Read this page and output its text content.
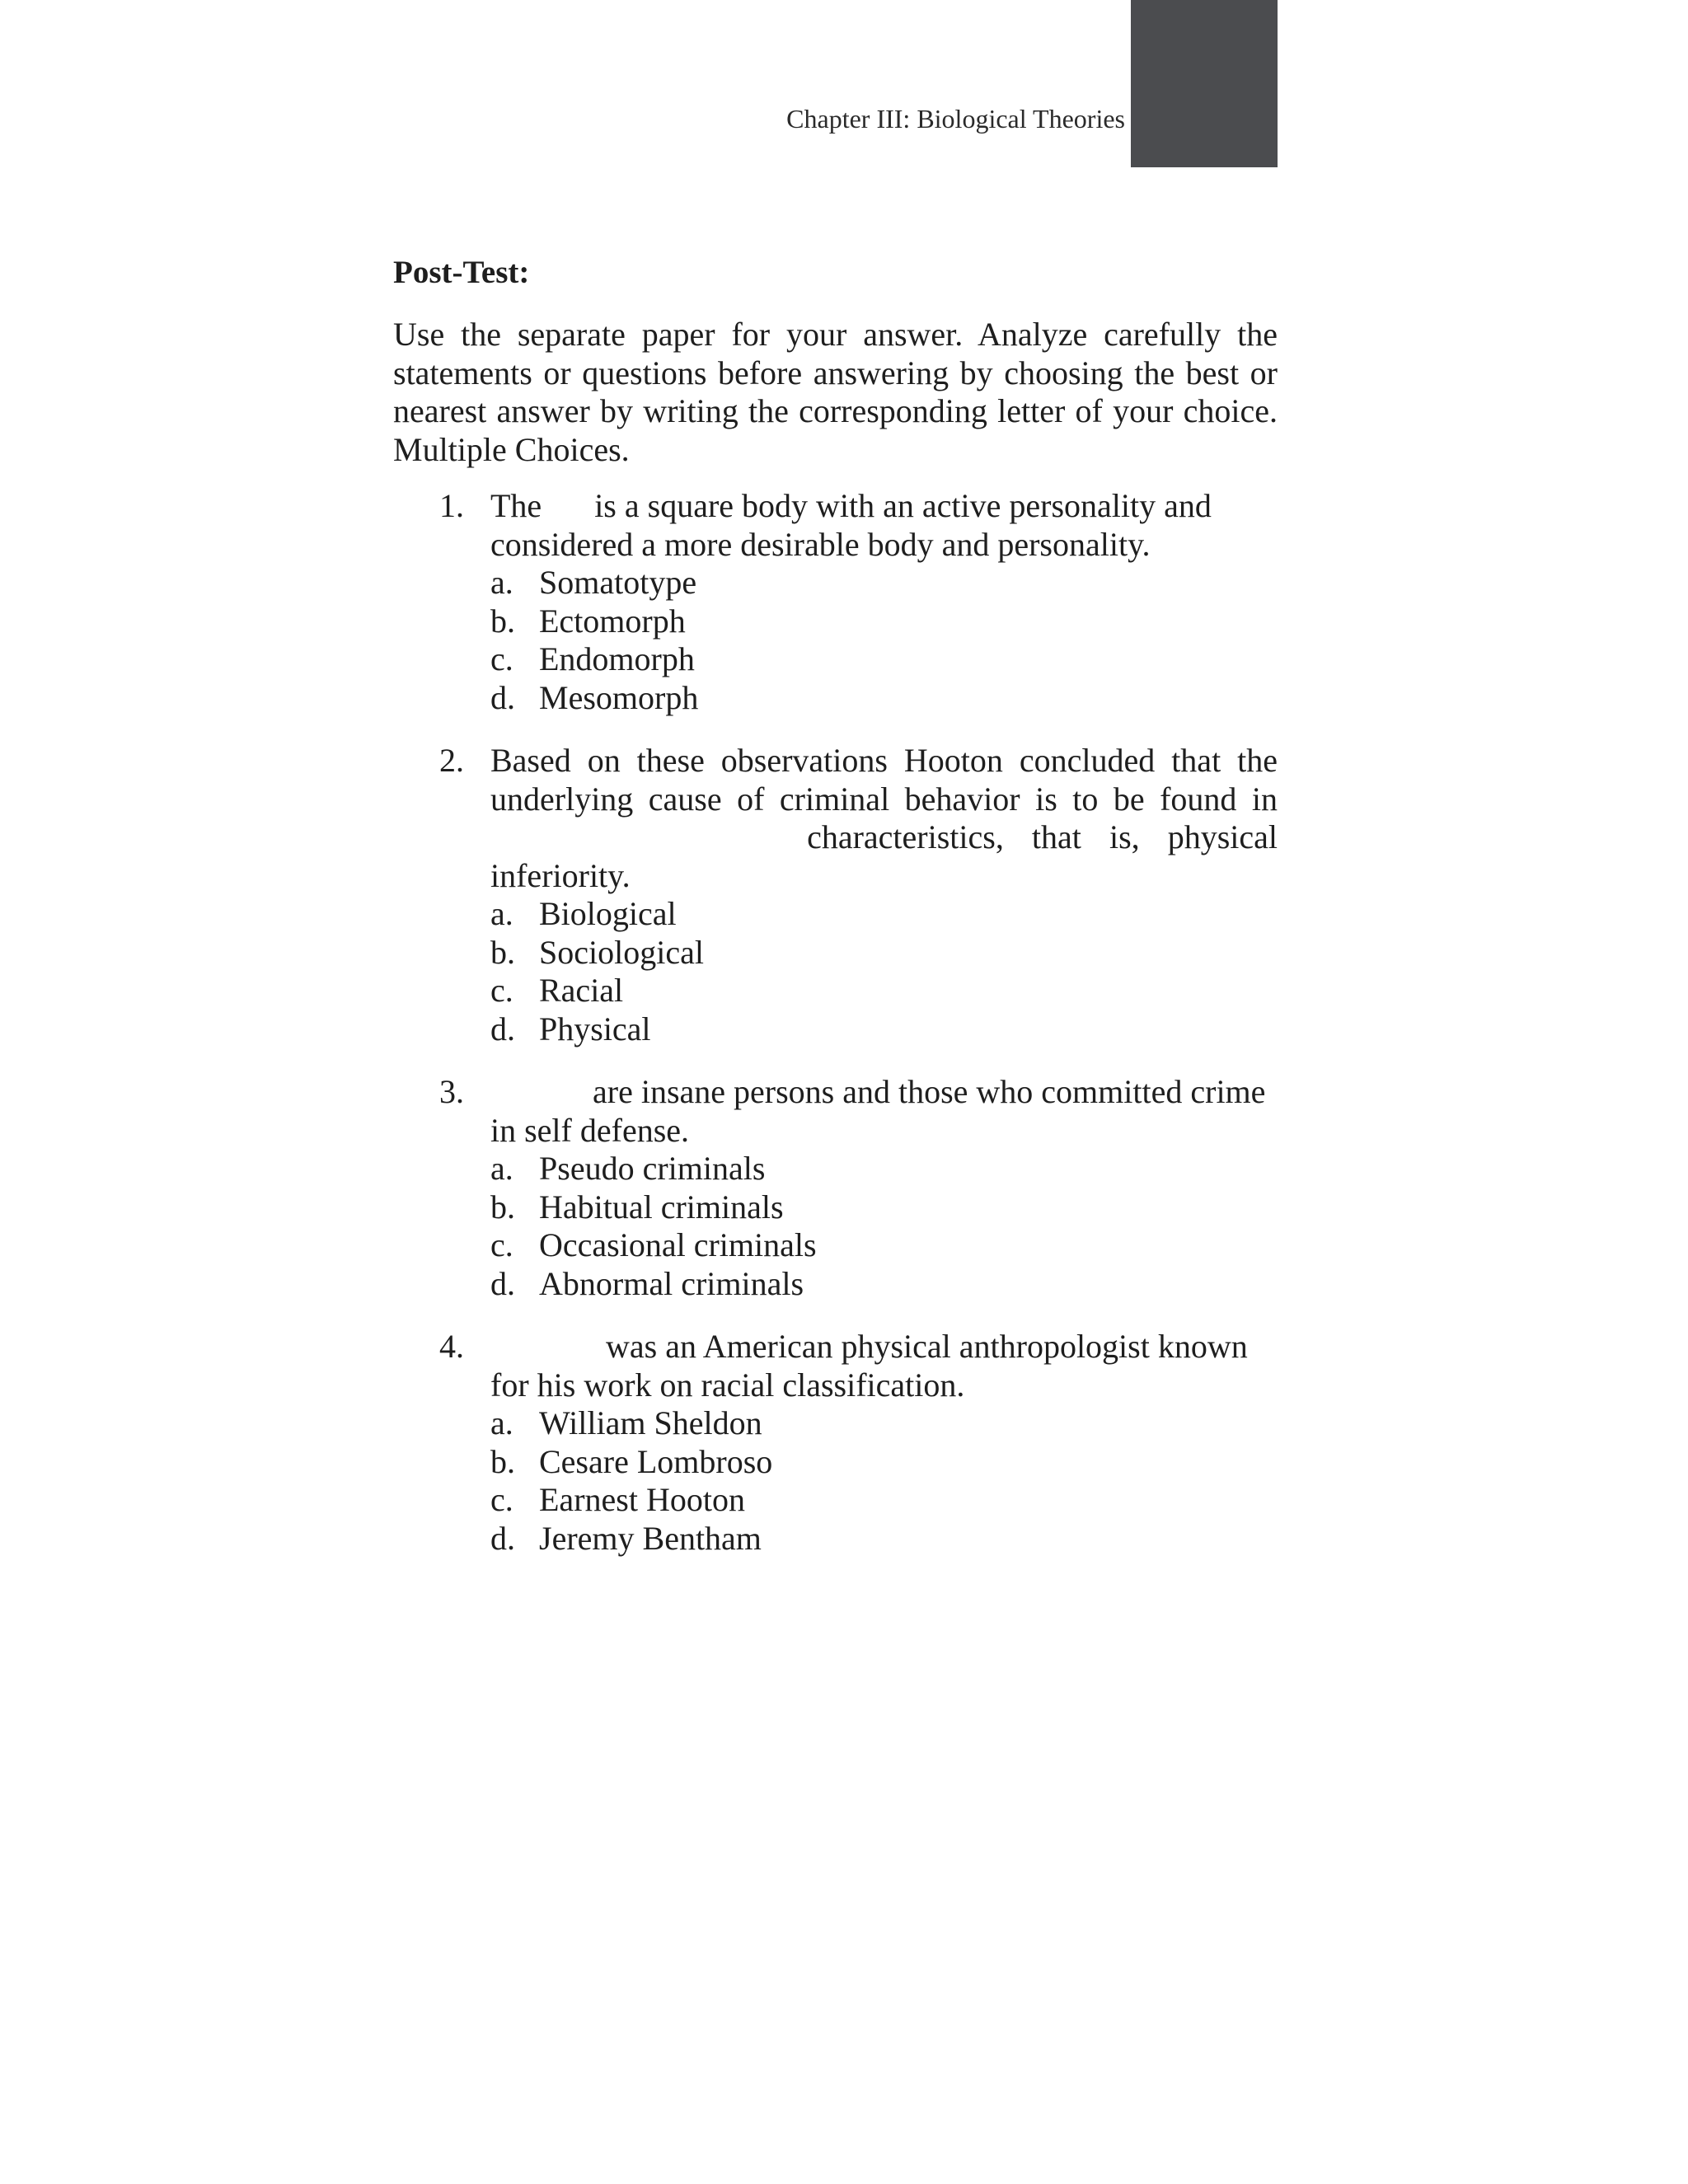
Chapter III: Biological Theories
Post-Test:

Use the separate paper for your answer. Analyze carefully the statements or questions before answering by choosing the best or nearest answer by writing the corresponding letter of your choice. Multiple Choices.

1. The is a square body with an active personality and considered a more desirable body and personality.

a. Somatotype
b. Ectomorph
c. Endomorph
d. Mesomorph
2. Based on these observations Hooton concluded that the underlying cause of criminal behavior is to be found in  characteristics, that is, physical inferiority.

a. Biological
b. Sociological
c. Racial
d. Physical
3.	are insane persons and those who committed crime in self defense.

a. Pseudo criminals
b. Habitual criminals
c. Occasional criminals
d. Abnormal criminals
4.	was an American physical anthropologist known for his work on racial classification.

a. William Sheldon
b. Cesare Lombroso
c. Earnest Hooton
d. Jeremy Bentham
